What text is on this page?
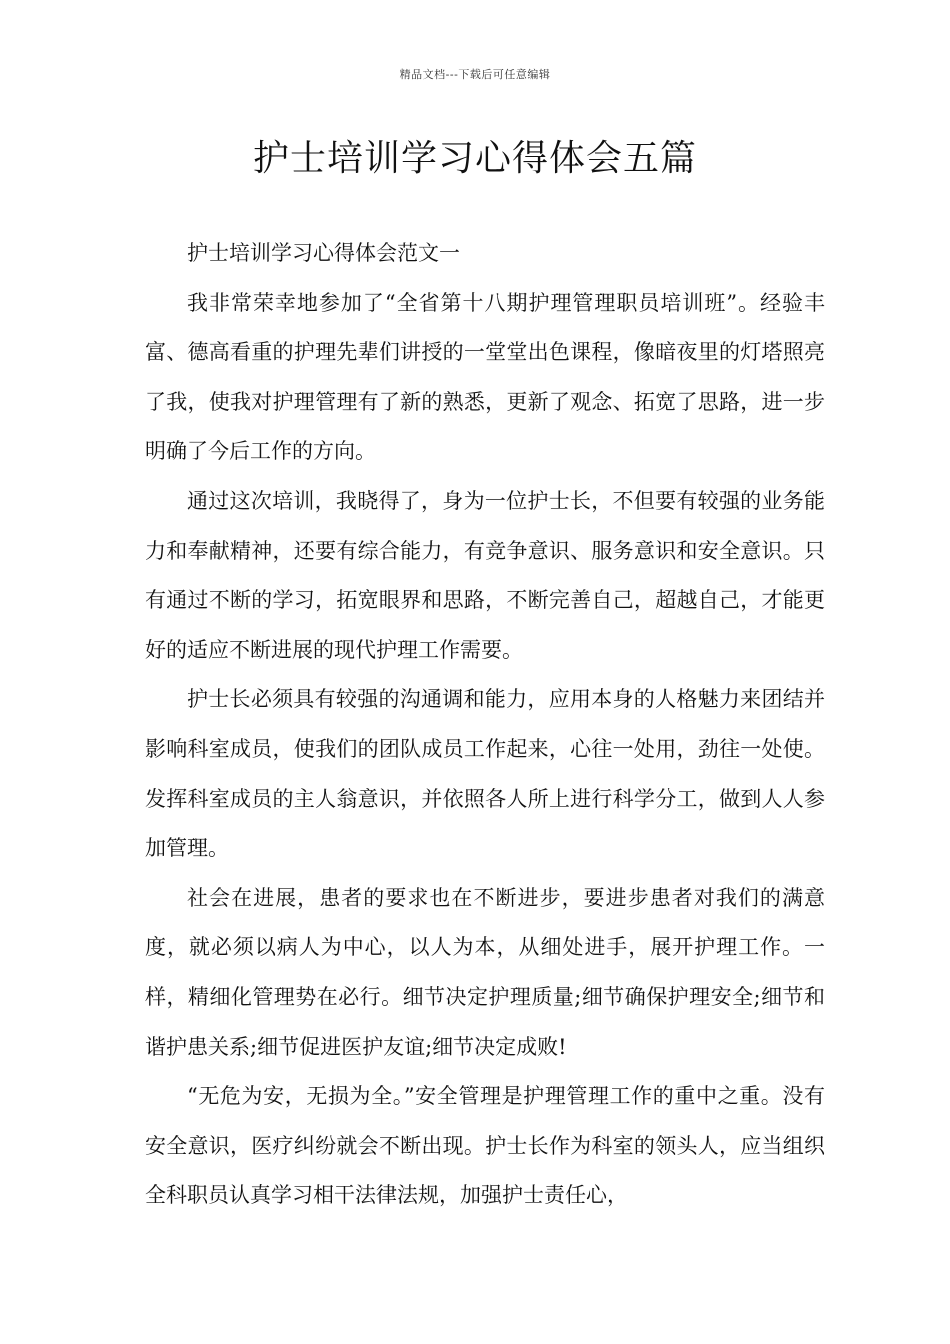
精品文档---下载后可任意编辑
护士培训学习心得体会五篇

护士培训学习心得体会范文一

我非常荣幸地参加了“全省第十八期护理管理职员培训班”。经验丰富、德高看重的护理先辈们讲授的一堂堂出色课程，像暗夜里的灯塔照亮了我，使我对护理管理有了新的熟悉，更新了观念、拓宽了思路，进一步明确了今后工作的方向。

通过这次培训，我晓得了，身为一位护士长，不但要有较强的业务能力和奉献精神，还要有综合能力，有竞争意识、服务意识和安全意识。只有通过不断的学习，拓宽眼界和思路，不断完善自己，超越自己，才能更好的适应不断进展的现代护理工作需要。

护士长必须具有较强的沟通调和能力，应用本身的人格魅力来团结并影响科室成员，使我们的团队成员工作起来，心往一处用，劲往一处使。发挥科室成员的主人翁意识，并依照各人所上进行科学分工，做到人人参加管理。

社会在进展，患者的要求也在不断进步，要进步患者对我们的满意度，就必须以病人为中心，以人为本，从细处进手，展开护理工作。一样，精细化管理势在必行。细节决定护理质量;细节确保护理安全;细节和谐护患关系;细节促进医护友谊;细节决定成败!

“无危为安，无损为全。”安全管理是护理管理工作的重中之重。没有安全意识，医疗纠纷就会不断出现。护士长作为科室的领头人，应当组织全科职员认真学习相干法律法规，加强护士责任心，
